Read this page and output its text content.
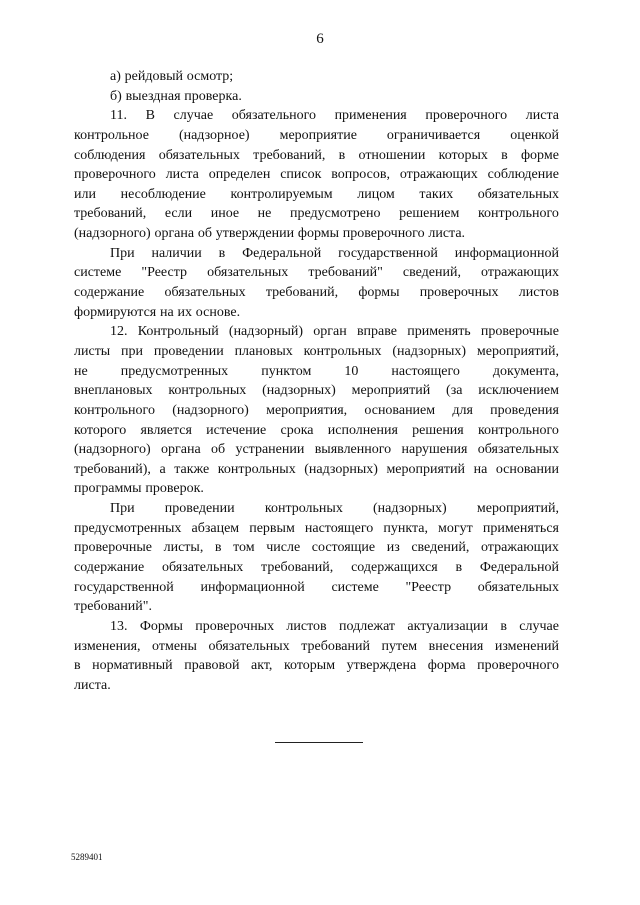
6
а) рейдовый осмотр;
б) выездная проверка.
11. В случае обязательного применения проверочного листа
контрольное (надзорное) мероприятие ограничивается оценкой
соблюдения обязательных требований, в отношении которых в форме
проверочного листа определен список вопросов, отражающих соблюдение
или несоблюдение контролируемым лицом таких обязательных
требований, если иное не предусмотрено решением контрольного
(надзорного) органа об утверждении формы проверочного листа.
При наличии в Федеральной государственной информационной
системе "Реестр обязательных требований" сведений, отражающих
содержание обязательных требований, формы проверочных листов
формируются на их основе.
12. Контрольный (надзорный) орган вправе применять проверочные
листы при проведении плановых контрольных (надзорных) мероприятий,
не предусмотренных пунктом 10 настоящего документа,
внеплановых контрольных (надзорных) мероприятий (за исключением
контрольного (надзорного) мероприятия, основанием для проведения
которого является истечение срока исполнения решения контрольного
(надзорного) органа об устранении выявленного нарушения обязательных
требований), а также контрольных (надзорных) мероприятий на основании
программы проверок.
При проведении контрольных (надзорных) мероприятий,
предусмотренных абзацем первым настоящего пункта, могут применяться
проверочные листы, в том числе состоящие из сведений, отражающих
содержание обязательных требований, содержащихся в Федеральной
государственной информационной системе "Реестр обязательных
требований".
13. Формы проверочных листов подлежат актуализации в случае
изменения, отмены обязательных требований путем внесения изменений
в нормативный правовой акт, которым утверждена форма проверочного
листа.
5289401
